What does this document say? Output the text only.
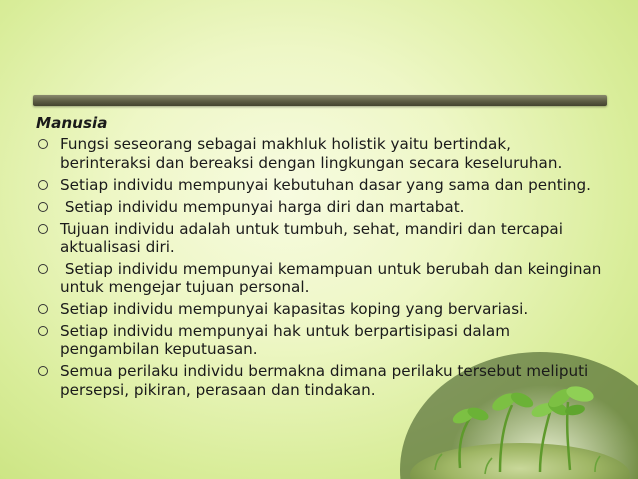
Manusia
Fungsi seseorang sebagai makhluk holistik yaitu bertindak, berinteraksi dan bereaksi dengan lingkungan secara keseluruhan.
Setiap individu mempunyai kebutuhan dasar yang sama dan penting.
Setiap individu mempunyai harga diri dan martabat.
Tujuan individu adalah untuk tumbuh, sehat, mandiri dan tercapai aktualisasi diri.
Setiap individu mempunyai kemampuan untuk berubah dan keinginan untuk mengejar tujuan personal.
Setiap individu mempunyai kapasitas koping yang bervariasi.
Setiap individu mempunyai hak untuk berpartisipasi dalam pengambilan keputuasan.
Semua perilaku individu bermakna dimana perilaku tersebut meliputi persepsi, pikiran, perasaan dan tindakan.
